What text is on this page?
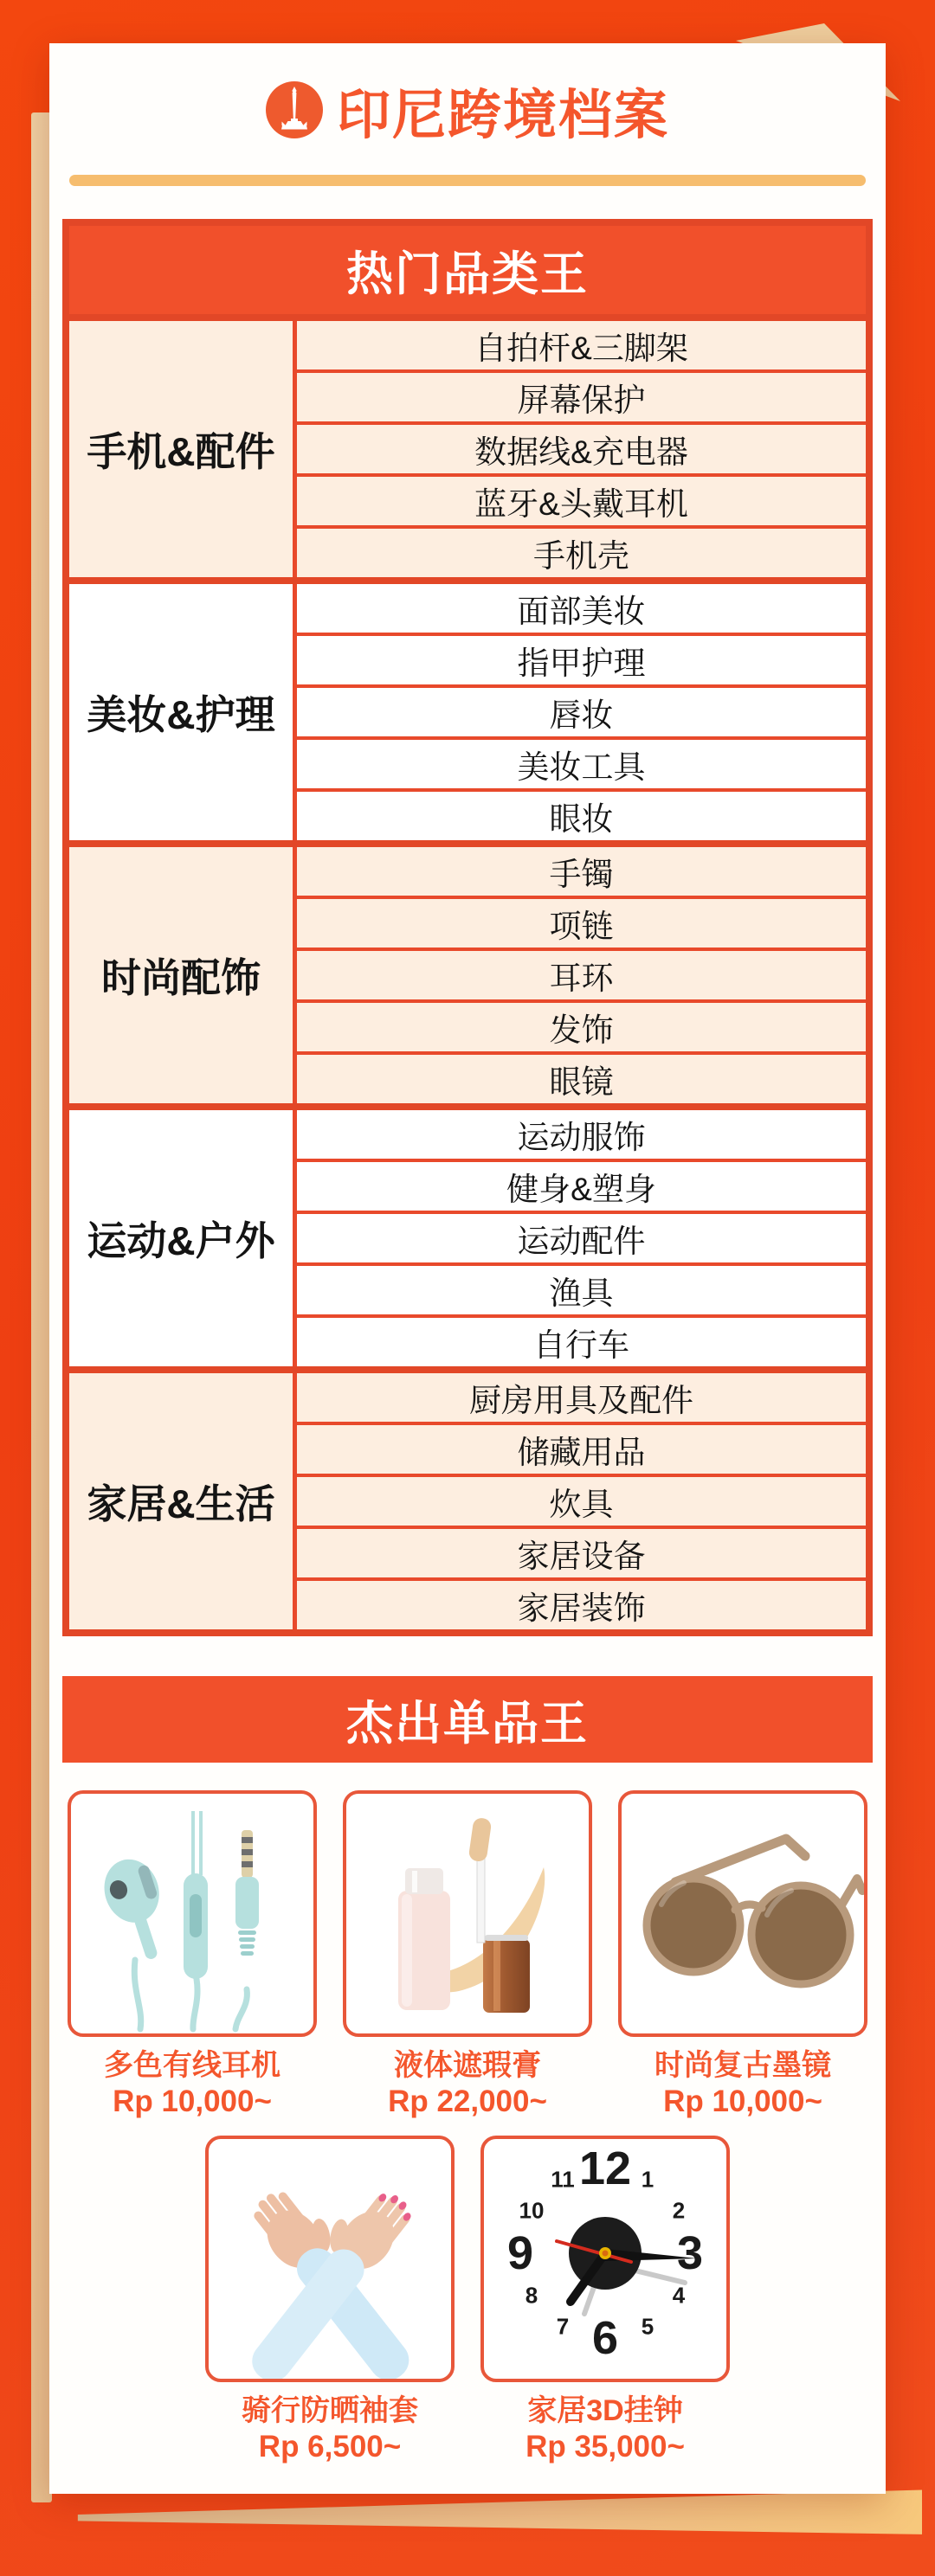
印尼跨境档案
热门品类王
手机&配件
自拍杆&三脚架
屏幕保护
数据线&充电器
蓝牙&头戴耳机
手机壳
美妆&护理
面部美妆
指甲护理
唇妆
美妆工具
眼妆
时尚配饰
手镯
项链
耳环
发饰
眼镜
运动&户外
运动服饰
健身&塑身
运动配件
渔具
自行车
家居&生活
厨房用具及配件
储藏用品
炊具
家居设备
家居装饰
杰出单品王
多色有线耳机
Rp 10,000~
液体遮瑕膏
Rp 22,000~
时尚复古墨镜
Rp 10,000~
骑行防晒袖套
Rp 6,500~
12 1
2
3
4
5
6
7
8
9
10
11
家居3D挂钟
Rp 35,000~
